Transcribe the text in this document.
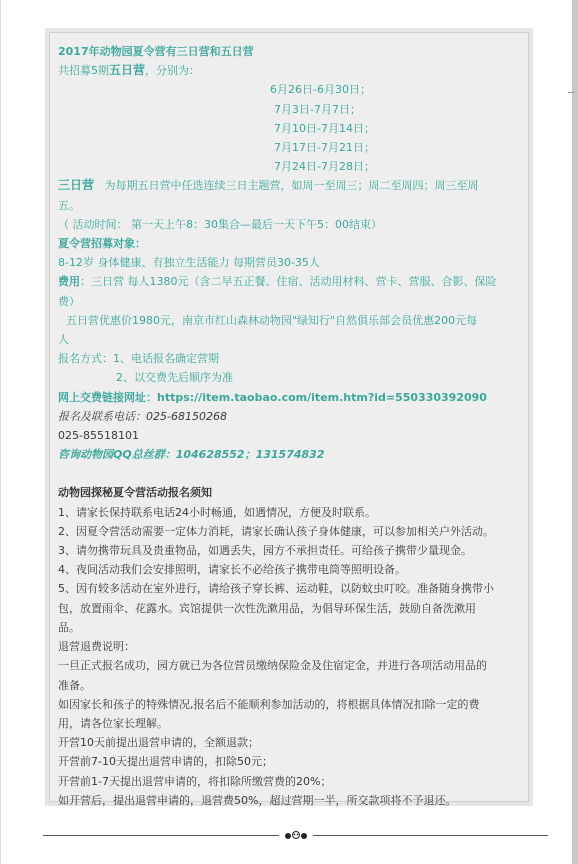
2017年动物园夏令营有三日营和五日营

共招募5期五日营，分别为：

6月26日-6月30日；

7月3日-7月7日；

7月10日-7月14日；

7月17日-7月21日；

7月24日-7月28日；

三日营 为每期五日营中任选连续三日主题营，如周一至周三；周二至周四；周三至周

五。

（ 活动时间： 第一天上午8：30集合—最后一天下午5：00结束）

夏令营招募对象：

8-12岁 身体健康、有独立生活能力 每期营员30-35人

费用：三日营 每人1380元（含二早五正餐、住宿、活动用材料、营卡、营服、合影、保险

费）

五日营优惠价1980元，南京市红山森林动物园"绿知行"自然俱乐部会员优惠200元每

人

报名方式：1、电话报名确定营期

2、以交费先后顺序为准

网上交费链接网址：https://item.taobao.com/item.htm?id=550330392090

报名及联系电话：025-68150268

025-85518101

咨询动物园QQ总丝群：104628552；131574832

动物园探秘夏令营活动报名须知

1、请家长保持联系电话24小时畅通，如遇情况，方便及时联系。

2、因夏令营活动需要一定体力消耗，请家长确认孩子身体健康，可以参加相关户外活动。

3、请勿携带玩具及贵重物品，如遇丢失，园方不承担责任。可给孩子携带少量现金。

4、夜间活动我们会安排照明，请家长不必给孩子携带电筒等照明设备。

5、因有较多活动在室外进行，请给孩子穿长裤、运动鞋，以防蚊虫叮咬。准备随身携带小

包，放置雨伞、花露水。宾馆提供一次性洗漱用品，为倡导环保生活，鼓励自备洗漱用

品。

退营退费说明：

一旦正式报名成功，园方就已为各位营员缴纳保险金及住宿定金，并进行各项活动用品的

准备。

如因家长和孩子的特殊情况,报名后不能顺利参加活动的，将根据具体情况扣除一定的费

用，请各位家长理解。

开营10天前提出退营申请的，全额退款；

开营前7-10天提出退营申请的，扣除50元；

开营前1-7天提出退营申请的，将扣除所缴营费的20%；

如开营后，提出退营申请的，退营费50%，超过营期一半，所交款项将不予退还。
